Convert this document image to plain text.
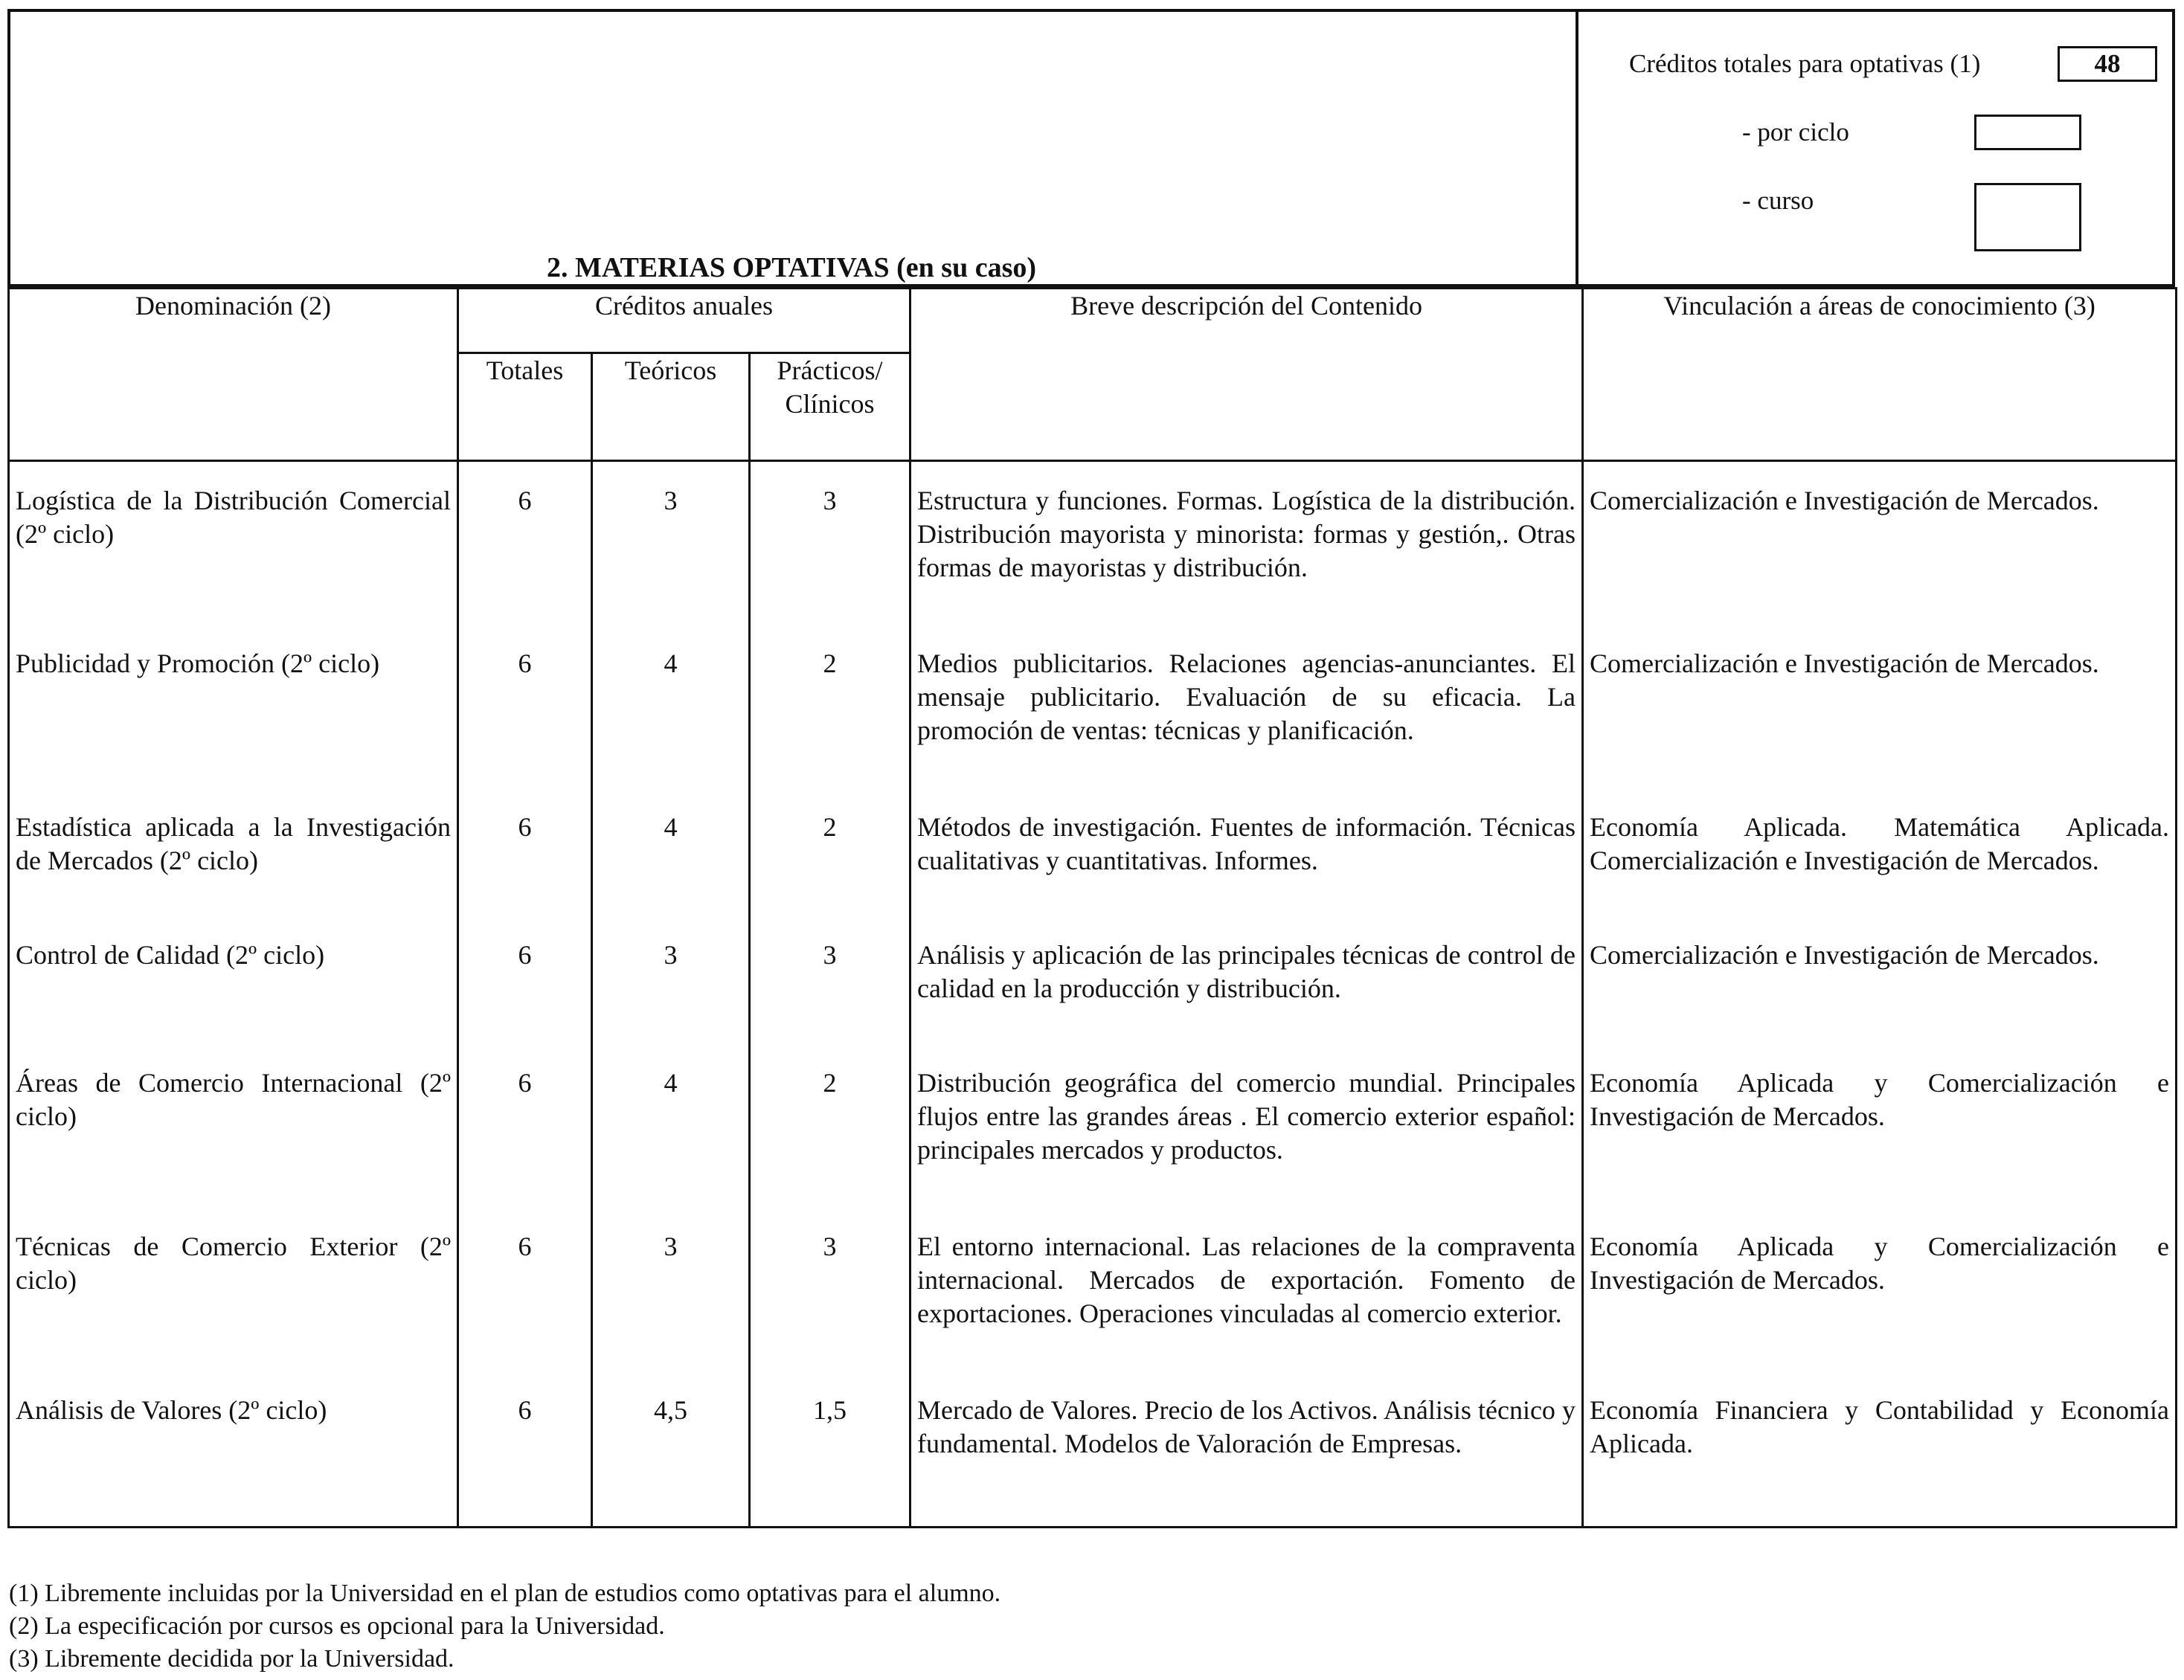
2. MATERIAS OPTATIVAS (en su caso)
Créditos totales para optativas (1)	48
- por ciclo
- curso
Denominación (2)	Créditos anuales			Breve descripción del Contenido	Vinculación a áreas de conocimiento (3)
	Totales	Teóricos	Prácticos/
Clínicos		
Logística de la Distribución Comercial (2º ciclo)	6	3	3	Estructura y funciones. Formas. Logística de la distribución. Distribución mayorista y minorista: formas y gestión,. Otras formas de mayoristas y distribución.	Comercialización e Investigación de Mercados.
Publicidad y Promoción (2º ciclo)	6	4	2	Medios publicitarios. Relaciones agencias-anunciantes. El mensaje publicitario. Evaluación de su eficacia. La promoción de ventas: técnicas y planificación.	Comercialización e Investigación de Mercados.
Estadística aplicada a la Investigación de Mercados (2º ciclo)	6	4	2	Métodos de investigación. Fuentes de información. Técnicas cualitativas y cuantitativas. Informes.	Economía Aplicada. Matemática Aplicada. Comercialización e Investigación de Mercados.
Control de Calidad (2º ciclo)	6	3	3	Análisis y aplicación de las principales técnicas de control de calidad en la producción y distribución.	Comercialización e Investigación de Mercados.
Áreas de Comercio Internacional (2º ciclo)	6	4	2	Distribución geográfica del comercio mundial. Principales flujos entre las grandes áreas . El comercio exterior español: principales mercados y productos.	Economía Aplicada y Comercialización e Investigación de Mercados.
Técnicas de Comercio Exterior (2º ciclo)	6	3	3	El entorno internacional. Las relaciones de la compraventa internacional. Mercados de exportación. Fomento de exportaciones. Operaciones vinculadas al comercio exterior.	Economía Aplicada y Comercialización e Investigación de Mercados.
Análisis de Valores (2º ciclo)	6	4,5	1,5	Mercado de Valores. Precio de los Activos. Análisis técnico y fundamental. Modelos de Valoración de Empresas.	Economía Financiera y Contabilidad y Economía Aplicada.
(1) Libremente incluidas por la Universidad en el plan de estudios como optativas para el alumno.
(2) La especificación por cursos es opcional para la Universidad.
(3) Libremente decidida por la Universidad.
